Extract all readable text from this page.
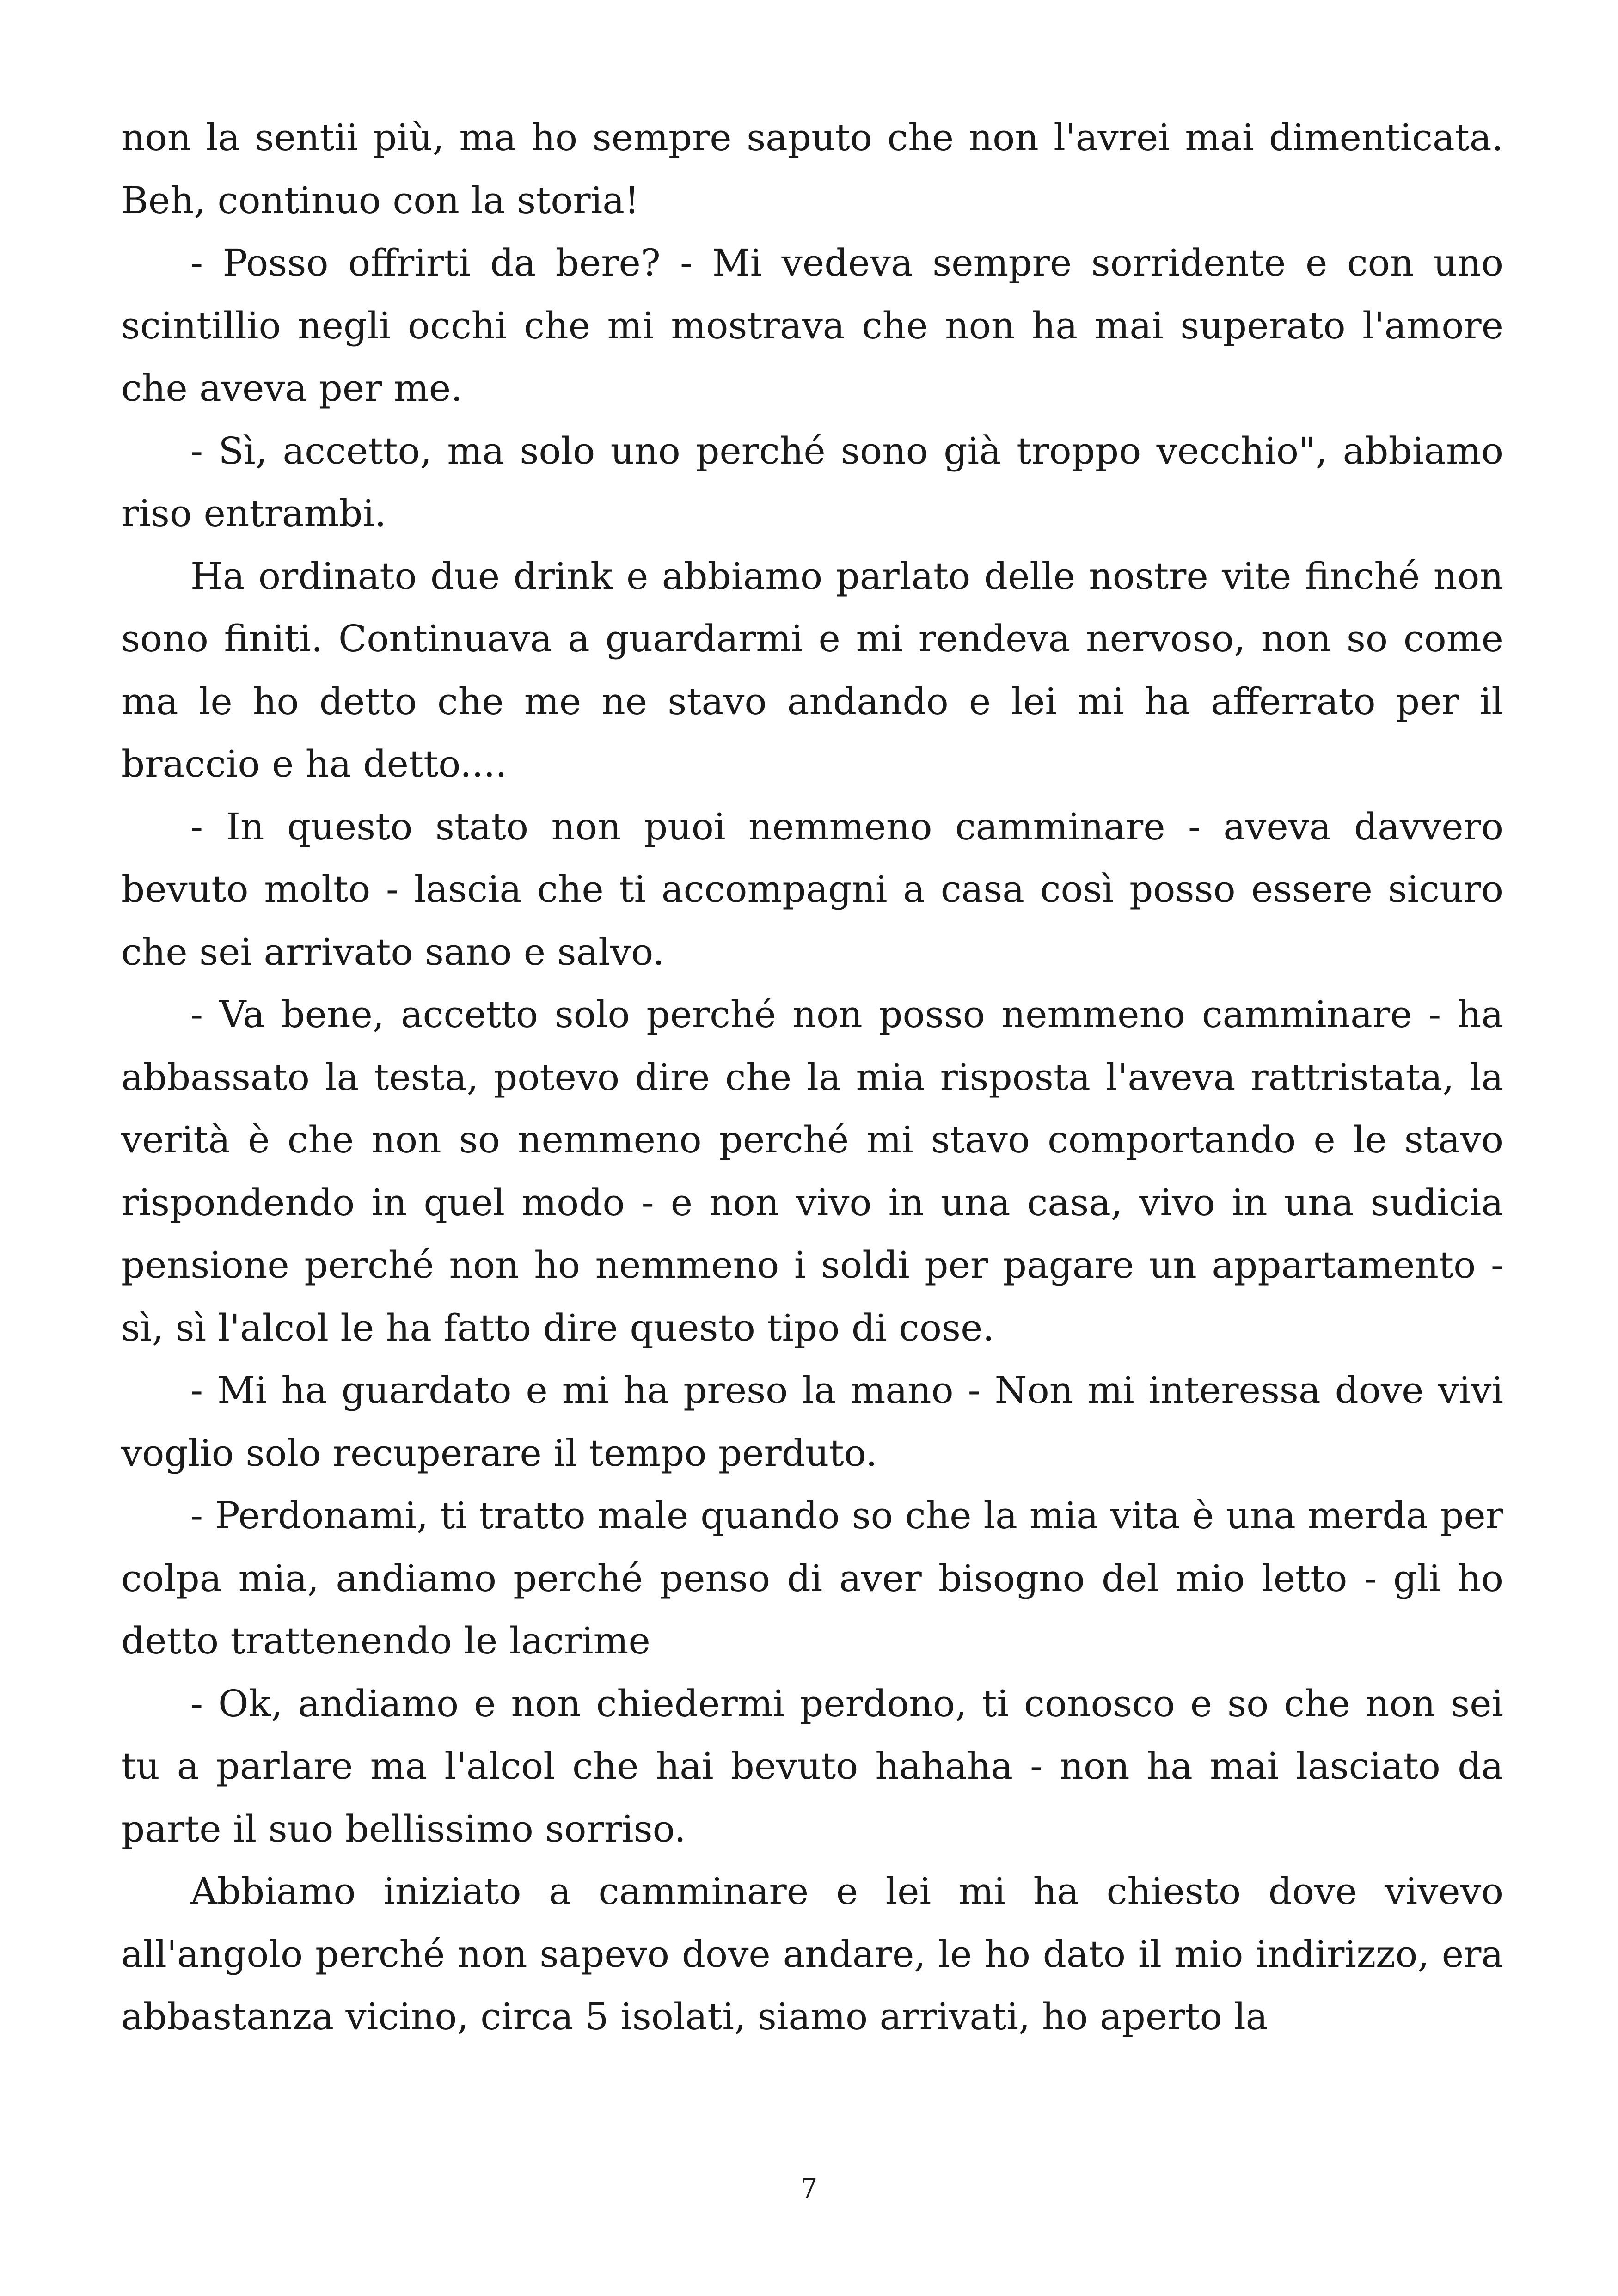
non la sentii più, ma ho sempre saputo che non l'avrei mai dimenticata. Beh, continuo con la storia!

- Posso offrirti da bere? - Mi vedeva sempre sorridente e con uno scintillio negli occhi che mi mostrava che non ha mai superato l'amore che aveva per me.

- Sì, accetto, ma solo uno perché sono già troppo vecchio", abbiamo riso entrambi.

Ha ordinato due drink e abbiamo parlato delle nostre vite finché non sono finiti. Continuava a guardarmi e mi rendeva nervoso, non so come ma le ho detto che me ne stavo andando e lei mi ha afferrato per il braccio e ha detto....

- In questo stato non puoi nemmeno camminare - aveva davvero bevuto molto - lascia che ti accompagni a casa così posso essere sicuro che sei arrivato sano e salvo.

- Va bene, accetto solo perché non posso nemmeno camminare - ha abbassato la testa, potevo dire che la mia risposta l'aveva rattristata, la verità è che non so nemmeno perché mi stavo comportando e le stavo rispondendo in quel modo - e non vivo in una casa, vivo in una sudicia pensione perché non ho nemmeno i soldi per pagare un appartamento - sì, sì l'alcol le ha fatto dire questo tipo di cose.

- Mi ha guardato e mi ha preso la mano - Non mi interessa dove vivi voglio solo recuperare il tempo perduto.

- Perdonami, ti tratto male quando so che la mia vita è una merda per colpa mia, andiamo perché penso di aver bisogno del mio letto - gli ho detto trattenendo le lacrime

- Ok, andiamo e non chiedermi perdono, ti conosco e so che non sei tu a parlare ma l'alcol che hai bevuto hahaha - non ha mai lasciato da parte il suo bellissimo sorriso.

Abbiamo iniziato a camminare e lei mi ha chiesto dove vivevo all'angolo perché non sapevo dove andare, le ho dato il mio indirizzo, era abbastanza vicino, circa 5 isolati, siamo arrivati, ho aperto la

7
